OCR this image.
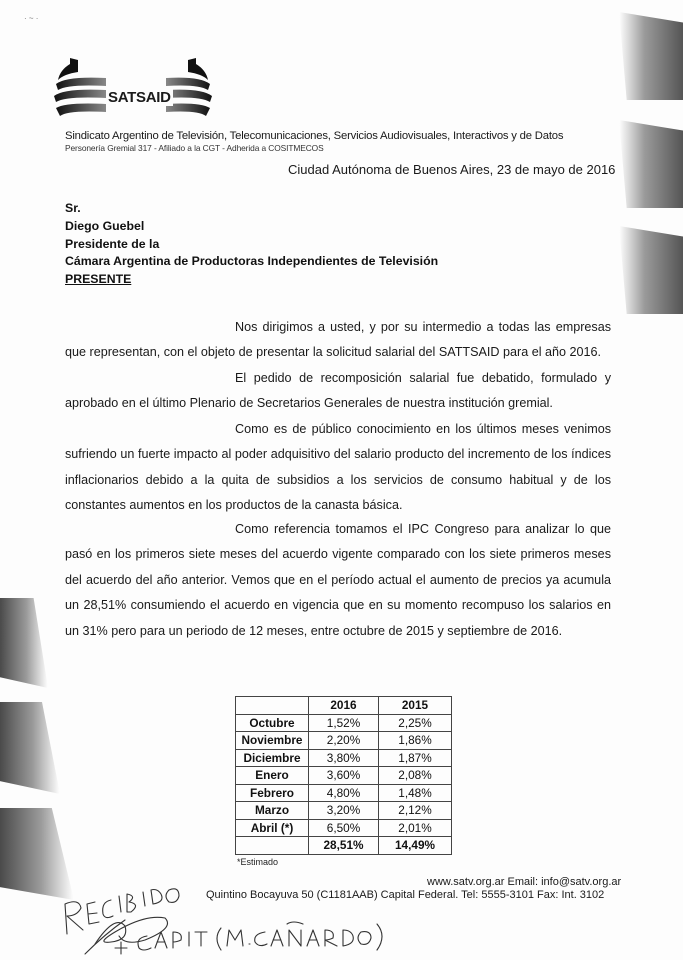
· ~ ·
SATSAID
Sindicato Argentino de Televisión, Telecomunicaciones, Servicios Audiovisuales, Interactivos y de Datos
Personería Gremial 317 - Afiliado a la CGT - Adherida a COSITMECOS
Ciudad Autónoma de Buenos Aires, 23 de mayo de 2016
Sr.
Diego Guebel
Presidente de la
Cámara Argentina de Productoras Independientes de Televisión
PRESENTE

Nos dirigimos a usted, y por su intermedio a todas las empresas que representan, con el objeto de presentar la solicitud salarial del SATTSAID para el año 2016.

El pedido de recomposición salarial fue debatido, formulado y aprobado en el último Plenario de Secretarios Generales de nuestra institución gremial.

Como es de público conocimiento en los últimos meses venimos sufriendo un fuerte impacto al poder adquisitivo del salario producto del incremento de los índices inflacionarios debido a la quita de subsidios a los servicios de consumo habitual y de los constantes aumentos en los productos de la canasta básica.

Como referencia tomamos el IPC Congreso para analizar lo que pasó en los primeros siete meses del acuerdo vigente comparado con los siete primeros meses del acuerdo del año anterior. Vemos que en el período actual el aumento de precios ya acumula un 28,51% consumiendo el acuerdo en vigencia que en su momento recompuso los salarios en un 31% pero para un periodo de 12 meses, entre octubre de 2015 y septiembre de 2016.

	2016	2015
Octubre	1,52%	2,25%
Noviembre	2,20%	1,86%
Diciembre	3,80%	1,87%
Enero	3,60%	2,08%
Febrero	4,80%	1,48%
Marzo	3,20%	2,12%
Abril (*)	6,50%	2,01%
	28,51%	14,49%
*Estimado
www.satv.org.ar Email: info@satv.org.ar
Quintino Bocayuva 50 (C1181AAB) Capital Federal. Tel: 5555-3101 Fax: Int. 3102
